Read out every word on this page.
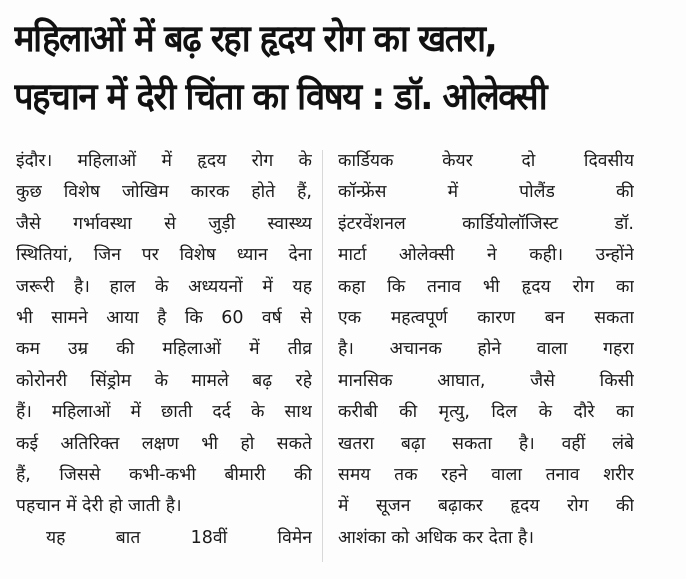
महिलाओं में बढ़ रहा हृदय रोग का खतरा,
पहचान में देरी चिंता का विषय : डॉ. ओलेक्सी
इंदौर। महिलाओं में हृदय रोग के
कुछ विशेष जोखिम कारक होते हैं,
जैसे गर्भावस्था से जुड़ी स्वास्थ्य
स्थितियां, जिन पर विशेष ध्यान देना
जरूरी है। हाल के अध्ययनों में यह
भी सामने आया है कि 60 वर्ष से
कम उम्र की महिलाओं में तीव्र
कोरोनरी सिंड्रोम के मामले बढ़ रहे
हैं। महिलाओं में छाती दर्द के साथ
कई अतिरिक्त लक्षण भी हो सकते
हैं, जिससे कभी-कभी बीमारी की
पहचान में देरी हो जाती है।
यह बात 18वीं विमेन
कार्डियक केयर दो दिवसीय
कॉन्फ्रेंस में पोलैंड की
इंटरवेंशनल कार्डियोलॉजिस्ट डॉ.
मार्टा ओलेक्सी ने कही। उन्होंने
कहा कि तनाव भी हृदय रोग का
एक महत्वपूर्ण कारण बन सकता
है। अचानक होने वाला गहरा
मानसिक आघात, जैसे किसी
करीबी की मृत्यु, दिल के दौरे का
खतरा बढ़ा सकता है। वहीं लंबे
समय तक रहने वाला तनाव शरीर
में सूजन बढ़ाकर हृदय रोग की
आशंका को अधिक कर देता है।
